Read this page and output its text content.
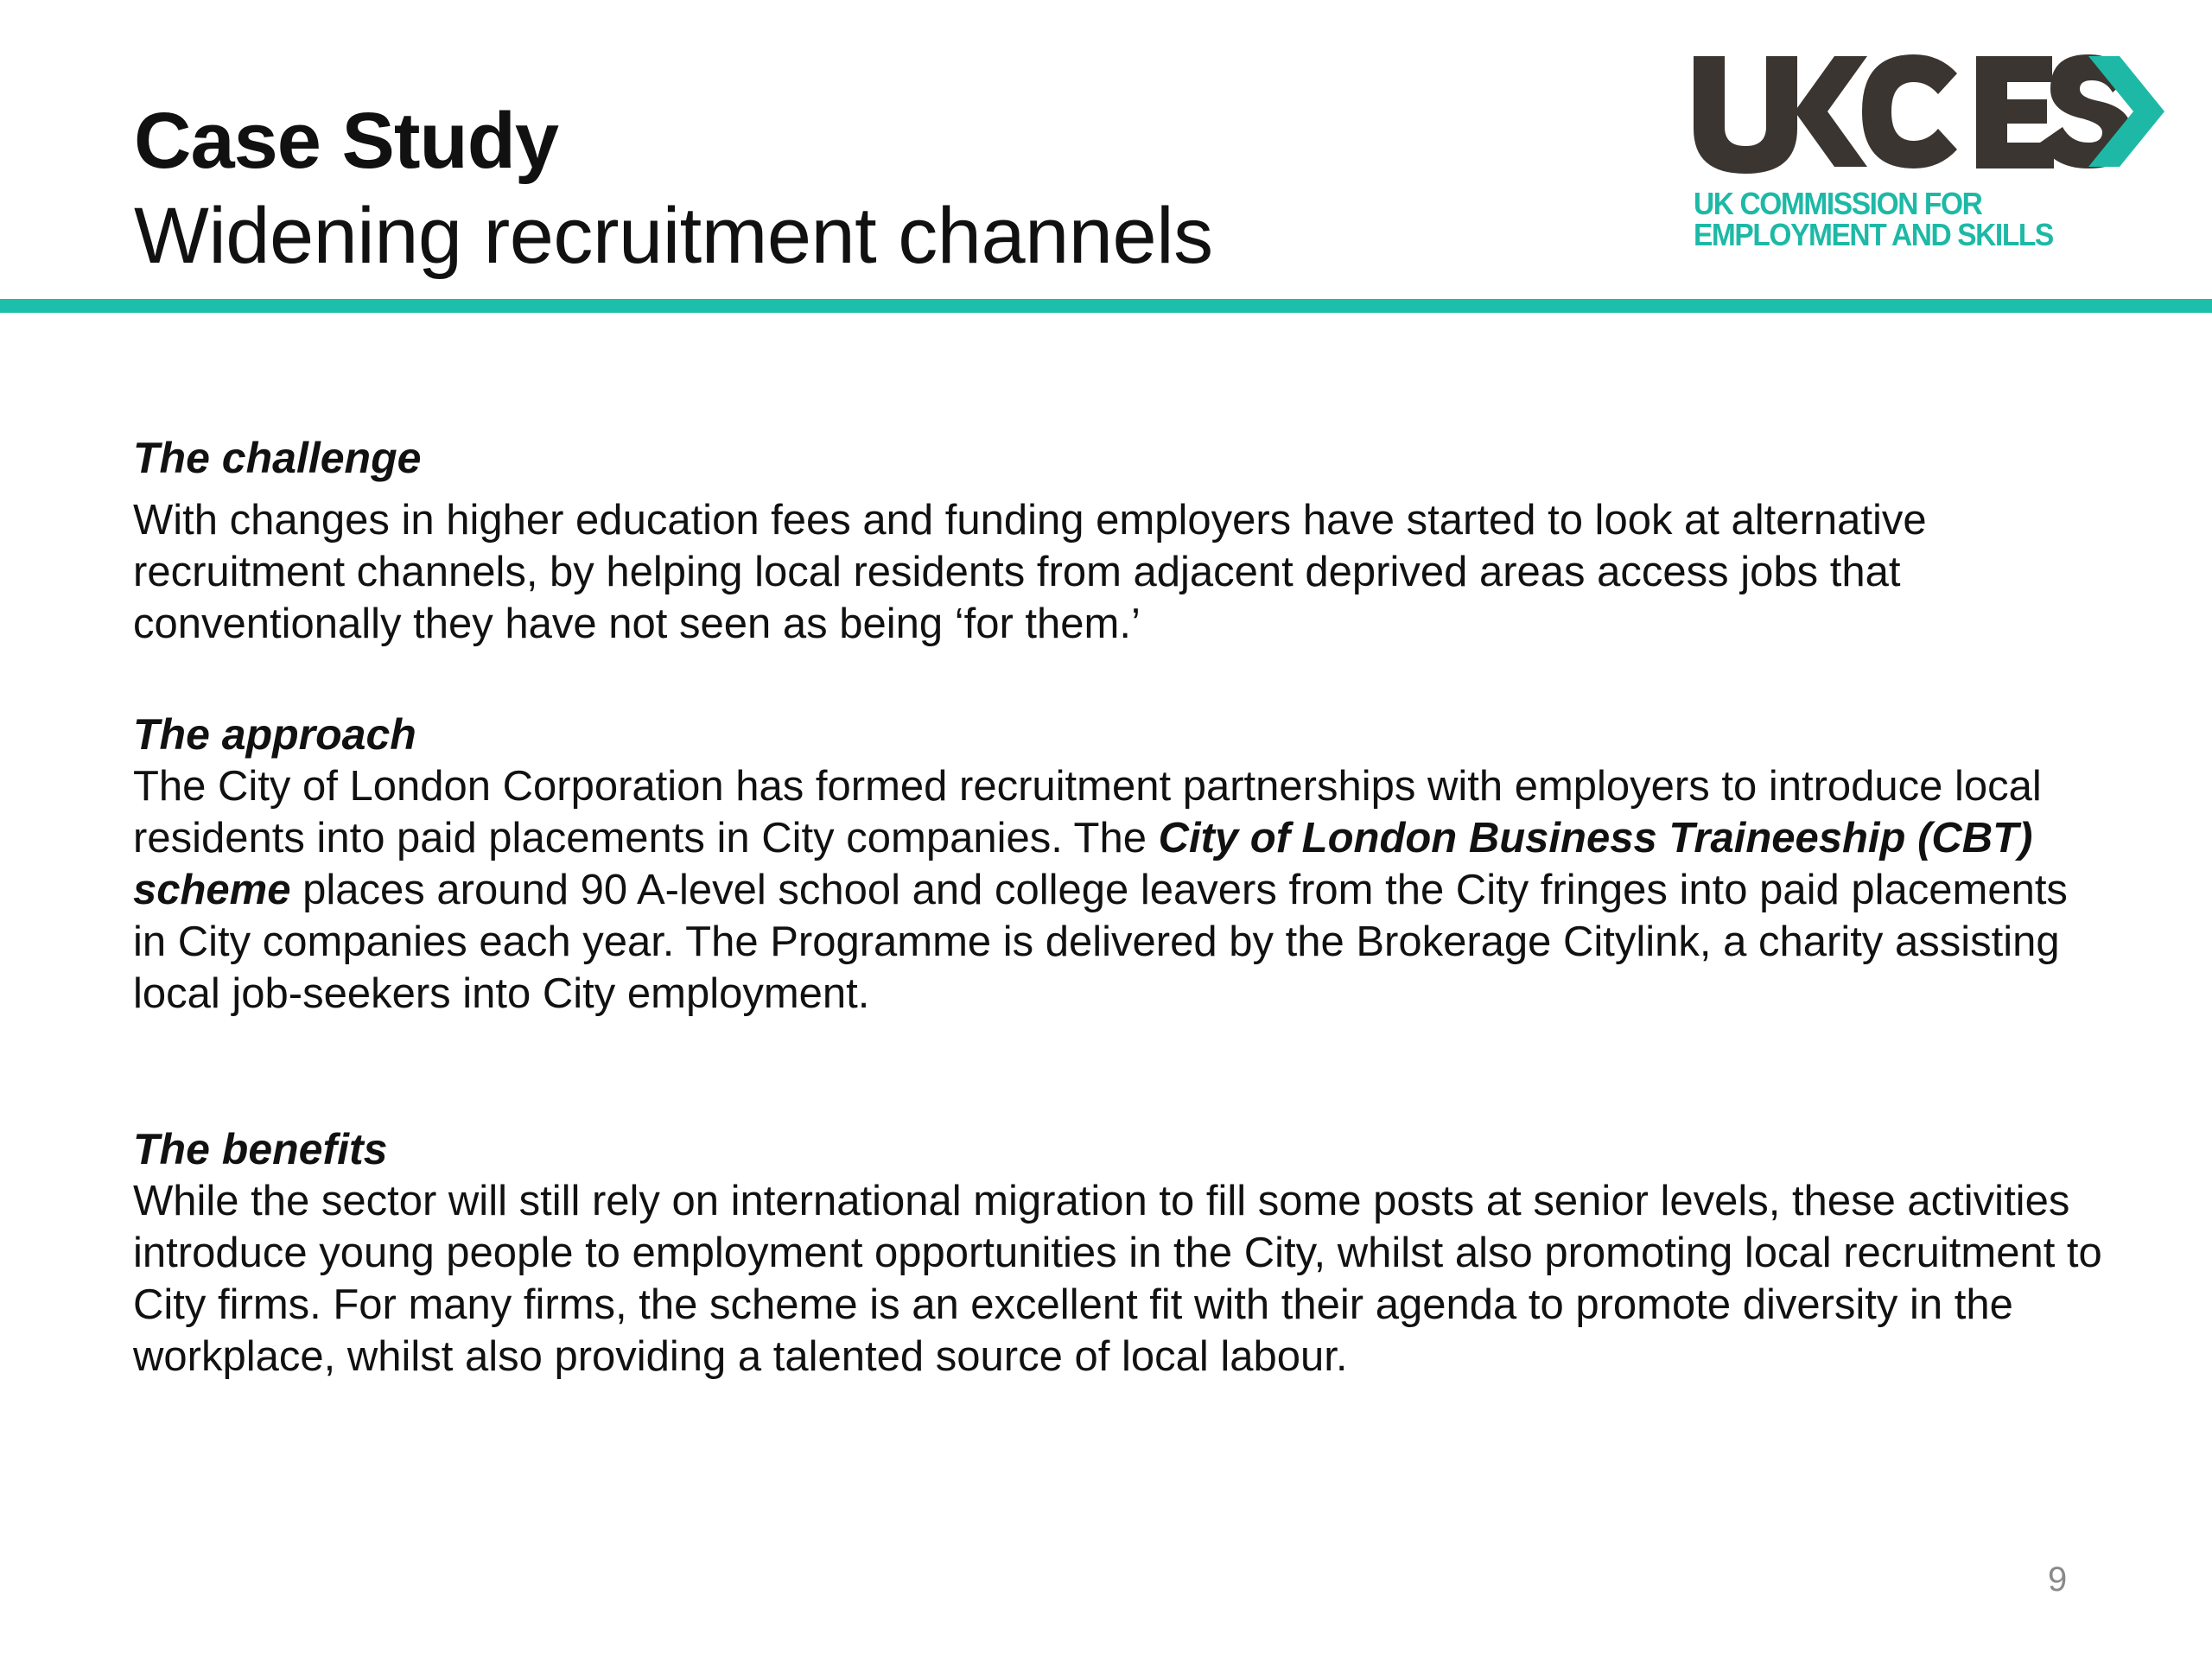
Case Study
Widening recruitment channels	UK COMMISSION FOR
EMPLOYMENT AND SKILLS
The challenge

With changes in higher education fees and funding employers have started to look at alternative recruitment channels, by helping local residents from adjacent deprived areas access jobs that conventionally they have not seen as being ‘for them.’

The approach

The City of London Corporation has formed recruitment partnerships with employers to introduce local residents into paid placements in City companies. The City of London Business Traineeship (CBT) scheme places around 90 A-level school and college leavers from the City fringes into paid placements in City companies each year. The Programme is delivered by the Brokerage Citylink, a charity assisting local job-seekers into City employment.

The benefits

While the sector will still rely on international migration to fill some posts at senior levels, these activities introduce young people to employment opportunities in the City, whilst also promoting local recruitment to City firms. For many firms, the scheme is an excellent fit with their agenda to promote diversity in the workplace, whilst also providing a talented source of local labour.

9
